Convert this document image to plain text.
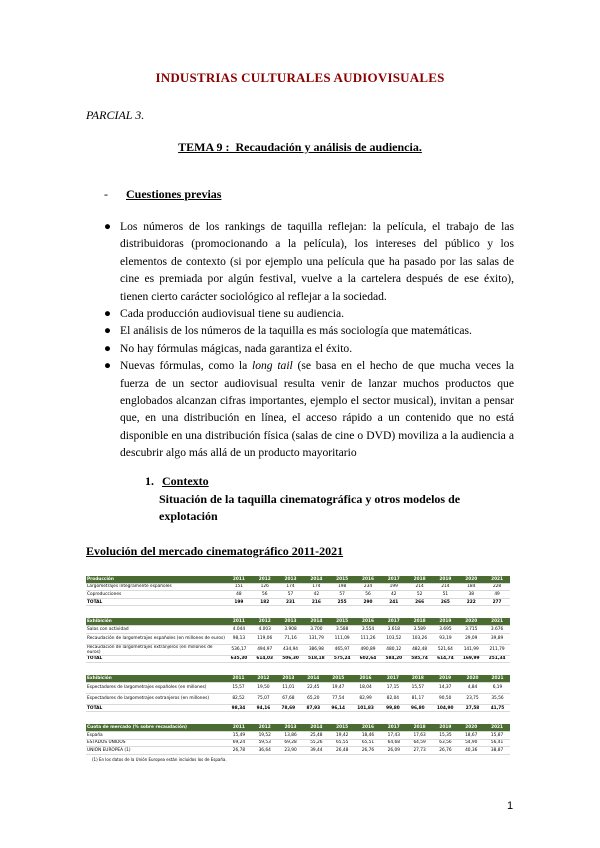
INDUSTRIAS CULTURALES AUDIOVISUALES
PARCIAL 3.
TEMA 9 : Recaudación y análisis de audiencia.
- Cuestiones previas
● Los números de los rankings de taquilla reflejan: la película, el trabajo de las distribuidoras (promocionando a la película), los intereses del público y los elementos de contexto (si por ejemplo una película que ha pasado por las salas de cine es premiada por algún festival, vuelve a la cartelera después de ese éxito), tienen cierto carácter sociológico al reflejar a la sociedad.
● Cada producción audiovisual tiene su audiencia.
● El análisis de los números de la taquilla es más sociología que matemáticas.
● No hay fórmulas mágicas, nada garantiza el éxito.
● Nuevas fórmulas, como la long tail (se basa en el hecho de que mucha veces la fuerza de un sector audiovisual resulta venir de lanzar muchos productos que englobados alcanzan cifras importantes, ejemplo el sector musical), invitan a pensar que, en una distribución en línea, el acceso rápido a un contenido que no está disponible en una distribución física (salas de cine o DVD) moviliza a la audiencia a descubrir algo más allá de un producto mayoritario
1. Contexto
Situación de la taquilla cinematográfica y otros modelos de explotación
Evolución del mercado cinematográfico 2011-2021
Producción	2011	2012	2013	2014	2015	2016	2017	2018	2019	2020	2021
Largometrajes íntegramente españoles	151	126	174	174	198	234	199	214	214	184	228
Coproducciones	48	56	57	42	57	56	42	52	51	38	49
TOTAL	199	182	231	216	255	290	241	266	265	222	277
Exhibición	2011	2012	2013	2014	2015	2016	2017	2018	2019	2020	2021
Salas con actividad	4.044	4.003	3.908	3.700	3.588	3.554	3.618	3.589	3.695	3.715	3.676
Recaudación de largometrajes españoles (en millones de euros)	98,13	119,06	71,16	131,79	111,09	111,26	103,52	103,26	93,19	29,09	39,89
Recaudación de largometrajes extranjeros (en millones de euros)	536,17	494,97	434,94	386,98	465,97	490,89	480,12	482,48	521,64	141,99	211,79
TOTAL	635,30	614,03	506,30	518,18	575,24	602,64	584,20	585,74	614,74	169,99	251,34
Exhibición	2011	2012	2013	2014	2015	2016	2017	2018	2019	2020	2021
Espectadores de largometrajes españoles (en millones)	15,57	19,50	11,01	22,45	19,47	18,04	17,15	15,57	14,37	4,84	6,19
Espectadores de largometrajes extranjeros (en millones)	82,52	75,07	67,68	65,20	77,54	82,99	82,04	81,17	90,50	23,75	35,56
TOTAL	98,34	94,16	78,69	87,93	96,14	101,83	99,80	96,80	104,90	27,58	41,75
Cuota de mercado (% sobre recaudación)	2011	2012	2013	2014	2015	2016	2017	2018	2019	2020	2021
España	15,49	19,52	13,86	25,48	19,42	18,46	17,43	17,63	15,35	18,67	15,87
ESTADOS UNIDOS	69,24	59,53	69,28	55,26	65,55	65,51	64,68	64,59	63,56	54,90	56,41
UNIÓN EUROPEA (1)	26,78	36,64	23,90	39,44	26,48	26,76	26,09	27,73	26,76	40,36	38,87
(1) En los datos de la Unión Europea están incluidos los de España.
1
